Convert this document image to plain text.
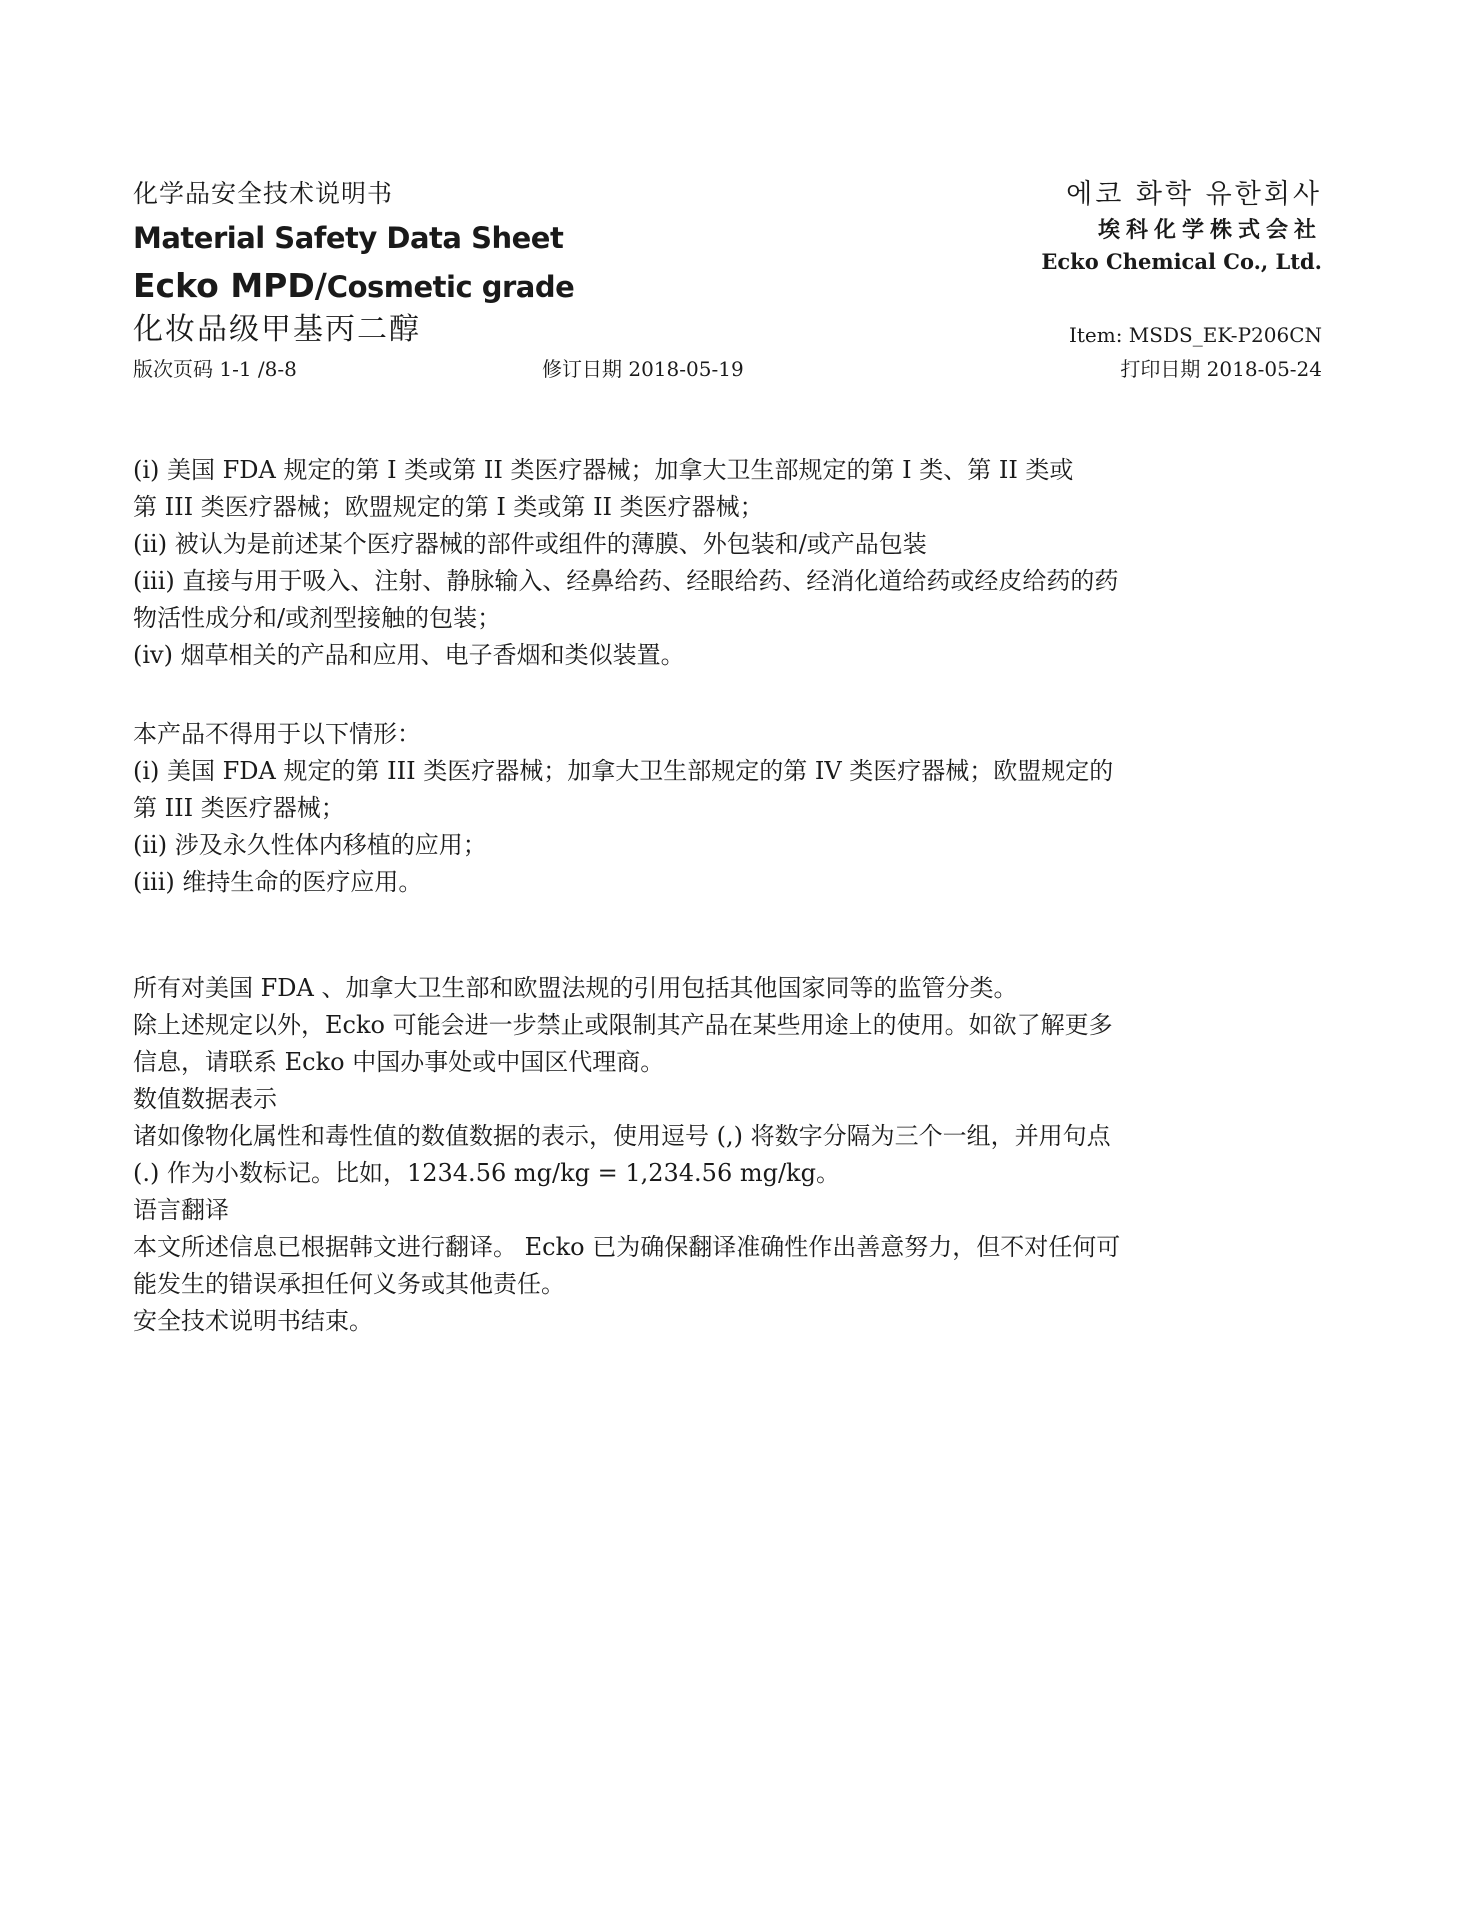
化学品安全技术说明书
Material Safety Data Sheet
Ecko MPD/Cosmetic grade
化妆品级甲基丙二醇
에코 화학 유한회사
埃科化学株式会社
Ecko Chemical Co., Ltd.
Item: MSDS_EK-P206CN
版次页码 1-1 /8-8	修订日期 2018-05-19	打印日期 2018-05-24

(i) 美国 FDA 规定的第 I 类或第 II 类医疗器械；加拿大卫生部规定的第 I 类、第 II 类或

第 III 类医疗器械；欧盟规定的第 I 类或第 II 类医疗器械；

(ii) 被认为是前述某个医疗器械的部件或组件的薄膜、外包装和/或产品包装

(iii) 直接与用于吸入、注射、静脉输入、经鼻给药、经眼给药、经消化道给药或经皮给药的药

物活性成分和/或剂型接触的包装；

(iv) 烟草相关的产品和应用、电子香烟和类似装置。

本产品不得用于以下情形：

(i) 美国 FDA 规定的第 III 类医疗器械；加拿大卫生部规定的第 IV 类医疗器械；欧盟规定的

第 III 类医疗器械；

(ii) 涉及永久性体内移植的应用；

(iii) 维持生命的医疗应用。

所有对美国 FDA 、加拿大卫生部和欧盟法规的引用包括其他国家同等的监管分类。

除上述规定以外，Ecko 可能会进一步禁止或限制其产品在某些用途上的使用。如欲了解更多

信息，请联系 Ecko 中国办事处或中国区代理商。

数值数据表示

诸如像物化属性和毒性值的数值数据的表示，使用逗号 (,) 将数字分隔为三个一组，并用句点

(.) 作为小数标记。比如，1234.56 mg/kg = 1,234.56 mg/kg。

语言翻译

本文所述信息已根据韩文进行翻译。 Ecko 已为确保翻译准确性作出善意努力，但不对任何可

能发生的错误承担任何义务或其他责任。

安全技术说明书结束。
